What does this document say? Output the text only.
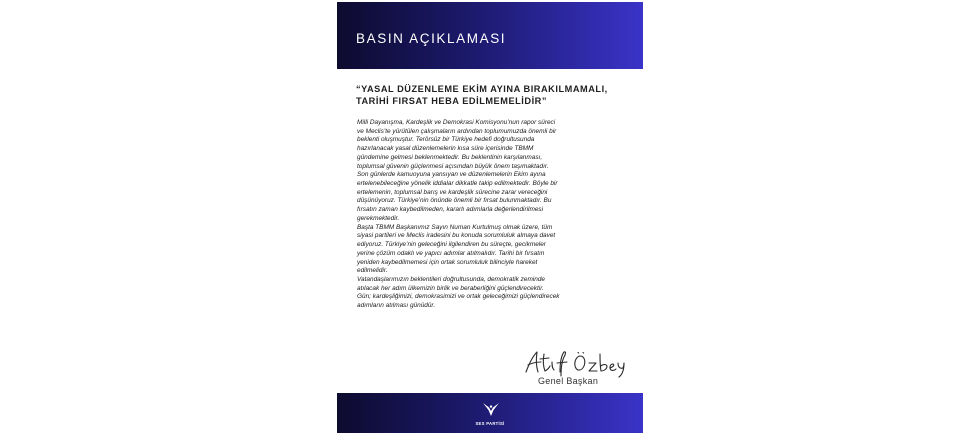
BASIN AÇIKLAMASI
“YASAL DÜZENLEME EKİM AYINA BIRAKILMAMALI,
TARİHİ FIRSAT HEBA EDİLMEMELİDİR”
Milli Dayanışma, Kardeşlik ve Demokrasi Komisyonu’nun rapor süreci
ve Meclis’te yürütülen çalışmaların ardından toplumumuzda önemli bir
beklenti oluşmuştur. Terörsüz bir Türkiye hedefi doğrultusunda
hazırlanacak yasal düzenlemelerin kısa süre içerisinde TBMM
gündemine gelmesi beklenmektedir. Bu beklentinin karşılanması,
toplumsal güvenin güçlenmesi açısından büyük önem taşımaktadır.
Son günlerde kamuoyuna yansıyan ve düzenlemelerin Ekim ayına
ertelenebileceğine yönelik iddialar dikkatle takip edilmektedir. Böyle bir
ertelemenin, toplumsal barış ve kardeşlik sürecine zarar vereceğini
düşünüyoruz. Türkiye’nin önünde önemli bir fırsat bulunmaktadır. Bu
fırsatın zaman kaybedilmeden, kararlı adımlarla değerlendirilmesi
gerekmektedir.
Başta TBMM Başkanımız Sayın Numan Kurtulmuş olmak üzere, tüm
siyasi partileri ve Meclis iradesini bu konuda sorumluluk almaya davet
ediyoruz. Türkiye’nin geleceğini ilgilendiren bu süreçte, gecikmeler
yerine çözüm odaklı ve yapıcı adımlar atılmalıdır. Tarihi bir fırsatın
yeniden kaybedilmemesi için ortak sorumluluk bilinciyle hareket
edilmelidir.
Vatandaşlarımızın beklentileri doğrultusunda, demokratik zeminde
atılacak her adım ülkemizin birlik ve beraberliğini güçlendirecektir.
Gün; kardeşliğimizi, demokrasimizi ve ortak geleceğimizi güçlendirecek
adımların atılması günüdür.
Genel Başkan
SES PARTİSİ
